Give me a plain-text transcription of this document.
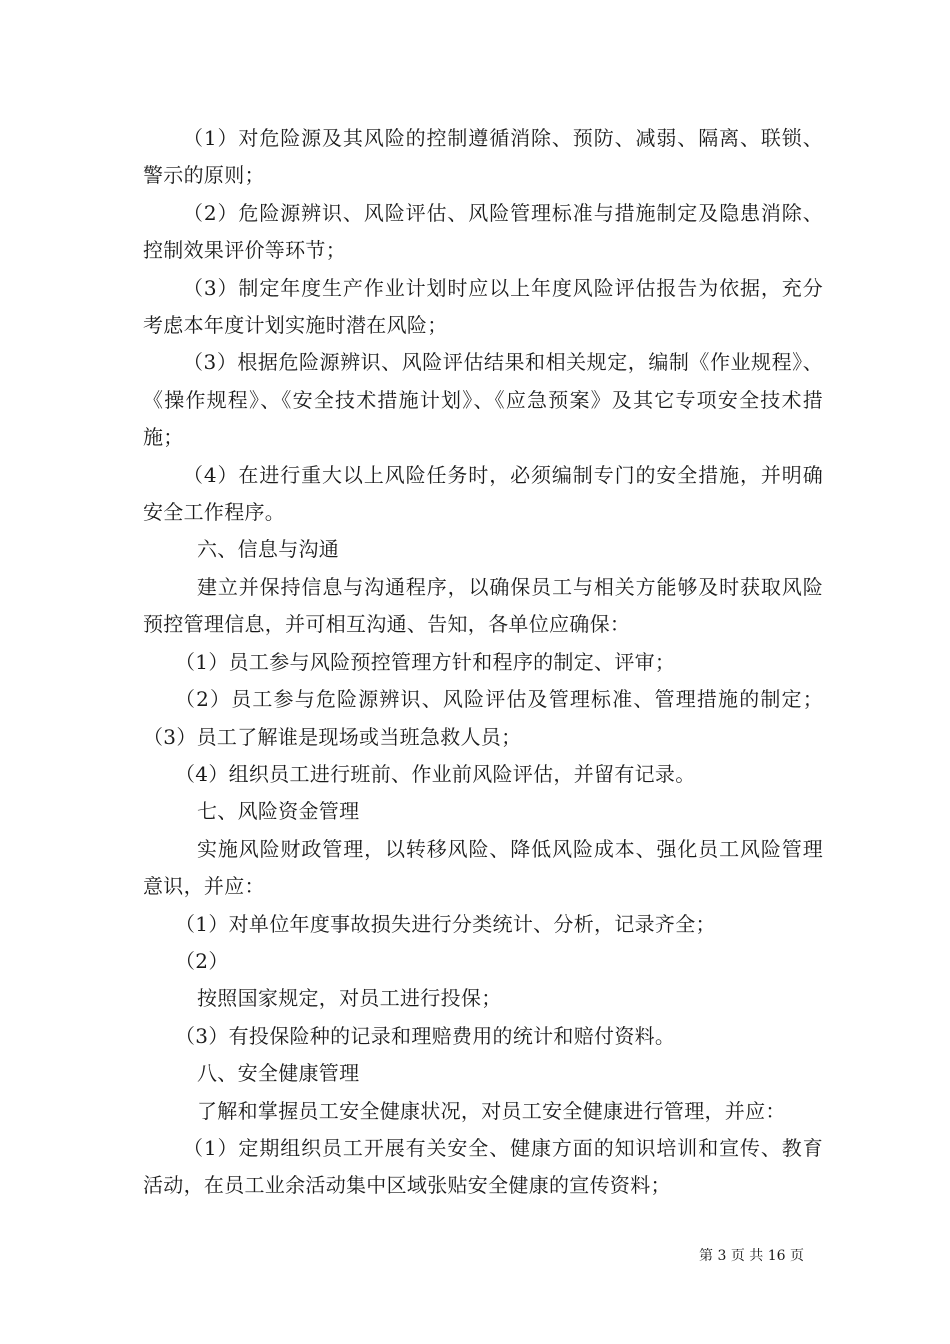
（1）对危险源及其风险的控制遵循消除、预防、减弱、隔离、联锁、警示的原则；

（2）危险源辨识、风险评估、风险管理标准与措施制定及隐患消除、控制效果评价等环节；

（3）制定年度生产作业计划时应以上年度风险评估报告为依据，充分考虑本年度计划实施时潜在风险；

（3）根据危险源辨识、风险评估结果和相关规定，编制《作业规程》、《操作规程》、《安全技术措施计划》、《应急预案》及其它专项安全技术措施；

（4）在进行重大以上风险任务时，必须编制专门的安全措施，并明确安全工作程序。

六、信息与沟通

建立并保持信息与沟通程序，以确保员工与相关方能够及时获取风险预控管理信息，并可相互沟通、告知，各单位应确保：

（1）员工参与风险预控管理方针和程序的制定、评审；

（2）员工参与危险源辨识、风险评估及管理标准、管理措施的制定；（3）员工了解谁是现场或当班急救人员；

（4）组织员工进行班前、作业前风险评估，并留有记录。

七、风险资金管理

实施风险财政管理，以转移风险、降低风险成本、强化员工风险管理意识，并应：

（1）对单位年度事故损失进行分类统计、分析，记录齐全；

（2）

按照国家规定，对员工进行投保；

（3）有投保险种的记录和理赔费用的统计和赔付资料。

八、安全健康管理

了解和掌握员工安全健康状况，对员工安全健康进行管理，并应：

（1）定期组织员工开展有关安全、健康方面的知识培训和宣传、教育活动，在员工业余活动集中区域张贴安全健康的宣传资料；

第 3 页 共 16 页
